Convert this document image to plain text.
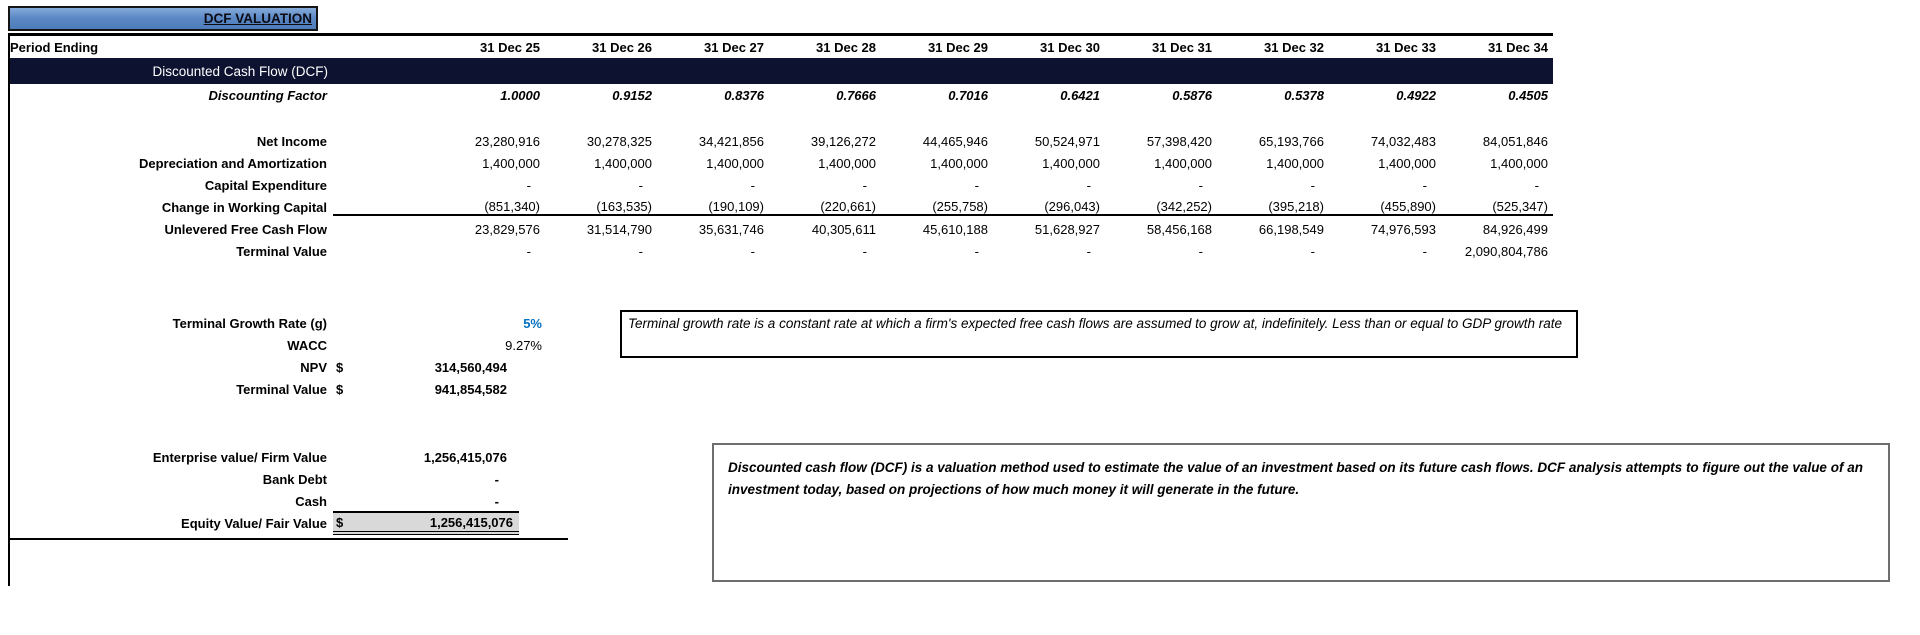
DCF VALUATION
Period Ending	31 Dec 25	31 Dec 26	31 Dec 27	31 Dec 28	31 Dec 29	31 Dec 30	31 Dec 31	31 Dec 32	31 Dec 33	31 Dec 34
Discounted Cash Flow (DCF)
Discounting Factor	1.0000	0.9152	0.8376	0.7666	0.7016	0.6421	0.5876	0.5378	0.4922	0.4505
Net Income	23,280,916	30,278,325	34,421,856	39,126,272	44,465,946	50,524,971	57,398,420	65,193,766	74,032,483	84,051,846
Depreciation and Amortization	1,400,000	1,400,000	1,400,000	1,400,000	1,400,000	1,400,000	1,400,000	1,400,000	1,400,000	1,400,000
Capital Expenditure	-	-	-	-	-	-	-	-	-	-
Change in Working Capital	(851,340)	(163,535)	(190,109)	(220,661)	(255,758)	(296,043)	(342,252)	(395,218)	(455,890)	(525,347)
Unlevered Free Cash Flow	23,829,576	31,514,790	35,631,746	40,305,611	45,610,188	51,628,927	58,456,168	66,198,549	74,976,593	84,926,499
Terminal Value	-	-	-	-	-	-	-	-	-	2,090,804,786
Terminal Growth Rate (g)	5%
WACC	9.27%
NPV $	314,560,494
Terminal Value $	941,854,582
Terminal growth rate is a constant rate at which a firm's expected free cash flows are assumed to grow at, indefinitely. Less than or equal to GDP growth rate
Enterprise value/ Firm Value	1,256,415,076
Bank Debt	-
Cash	-
Equity Value/ Fair Value $	1,256,415,076
Discounted cash flow (DCF) is a valuation method used to estimate the value of an investment based on its future cash flows. DCF analysis attempts to figure out the value of an investment today, based on projections of how much money it will generate in the future.
